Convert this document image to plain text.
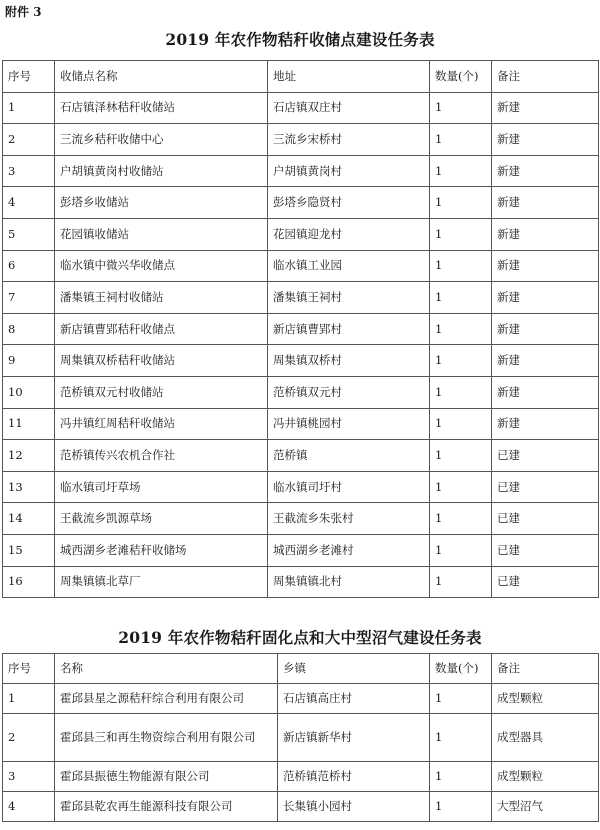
附件 3
2019 年农作物秸秆收储点建设任务表
序号	收储点名称	地址	数量(个)	备注
1	石店镇泽林秸秆收储站	石店镇双庄村	1	新建
2	三流乡秸秆收储中心	三流乡宋桥村	1	新建
3	户胡镇黄岗村收储站	户胡镇黄岗村	1	新建
4	彭塔乡收储站	彭塔乡隐贤村	1	新建
5	花园镇收储站	花园镇迎龙村	1	新建
6	临水镇中微兴华收储点	临水镇工业园	1	新建
7	潘集镇王祠村收储站	潘集镇王祠村	1	新建
8	新店镇曹郢秸秆收储点	新店镇曹郢村	1	新建
9	周集镇双桥秸秆收储站	周集镇双桥村	1	新建
10	范桥镇双元村收储站	范桥镇双元村	1	新建
11	冯井镇红周秸秆收储站	冯井镇桃园村	1	新建
12	范桥镇传兴农机合作社	范桥镇	1	已建
13	临水镇司圩草场	临水镇司圩村	1	已建
14	王截流乡凯源草场	王截流乡朱张村	1	已建
15	城西湖乡老滩秸秆收储场	城西湖乡老滩村	1	已建
16	周集镇镇北草厂	周集镇镇北村	1	已建
2019 年农作物秸秆固化点和大中型沼气建设任务表
序号	名称	乡镇	数量(个)	备注
1	霍邱县星之源秸秆综合利用有限公司	石店镇高庄村	1	成型颗粒
2	霍邱县三和再生物资综合利用有限公司	新店镇新华村	1	成型器具
3	霍邱县振德生物能源有限公司	范桥镇范桥村	1	成型颗粒
4	霍邱县乾农再生能源科技有限公司	长集镇小园村	1	大型沼气
